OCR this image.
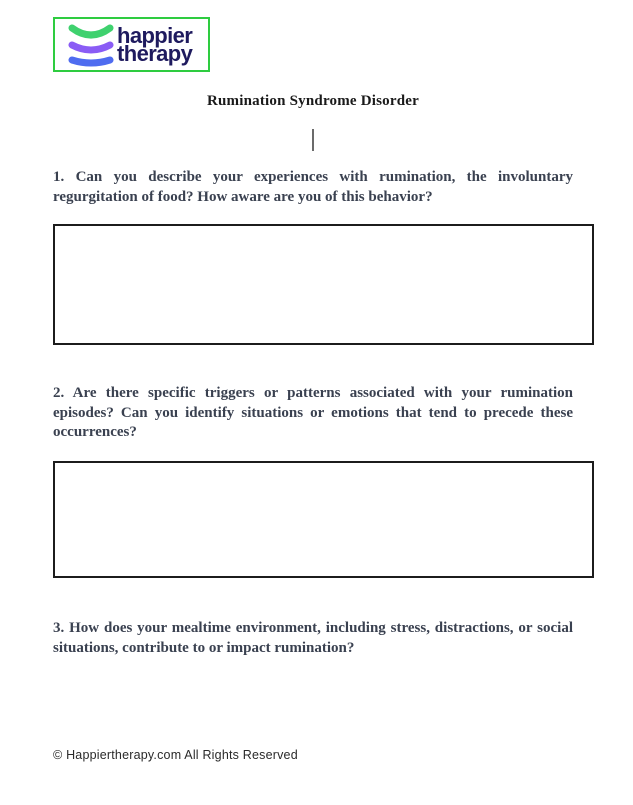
happier
therapy
Rumination Syndrome Disorder
1. Can you describe your experiences with rumination, the involuntary regurgitation of food? How aware are you of this behavior?
2. Are there specific triggers or patterns associated with your rumination episodes? Can you identify situations or emotions that tend to precede these occurrences?
3. How does your mealtime environment, including stress, distractions, or social situations, contribute to or impact rumination?
© Happiertherapy.com All Rights Reserved
